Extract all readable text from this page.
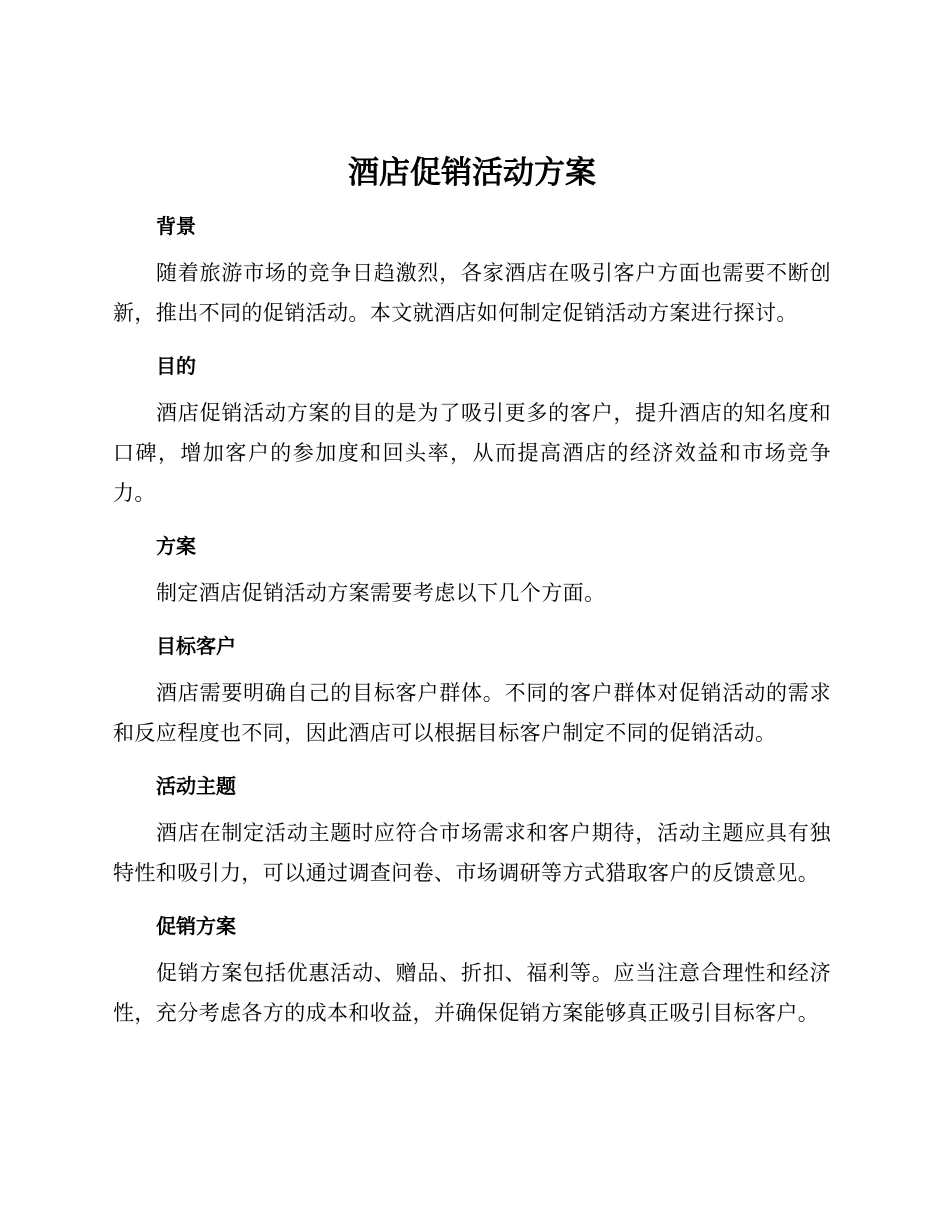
酒店促销活动方案
背景

随着旅游市场的竞争日趋激烈，各家酒店在吸引客户方面也需要不断创新，推出不同的促销活动。本文就酒店如何制定促销活动方案进行探讨。

目的

酒店促销活动方案的目的是为了吸引更多的客户，提升酒店的知名度和口碑，增加客户的参加度和回头率，从而提高酒店的经济效益和市场竞争力。

方案

制定酒店促销活动方案需要考虑以下几个方面。

目标客户

酒店需要明确自己的目标客户群体。不同的客户群体对促销活动的需求和反应程度也不同，因此酒店可以根据目标客户制定不同的促销活动。

活动主题

酒店在制定活动主题时应符合市场需求和客户期待，活动主题应具有独特性和吸引力，可以通过调查问卷、市场调研等方式猎取客户的反馈意见。

促销方案

促销方案包括优惠活动、赠品、折扣、福利等。应当注意合理性和经济性，充分考虑各方的成本和收益，并确保促销方案能够真正吸引目标客户。
